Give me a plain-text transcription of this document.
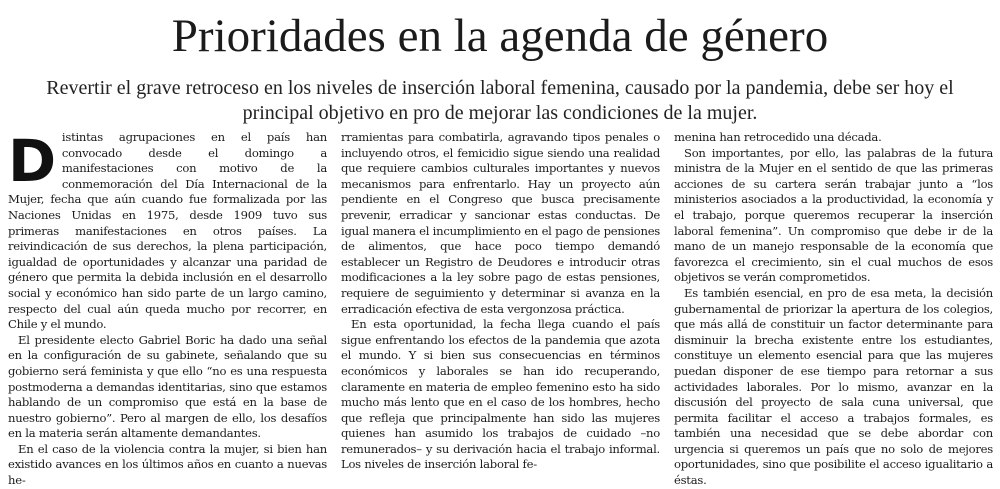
Prioridades en la agenda de género
Revertir el grave retroceso en los niveles de inserción laboral femenina, causado por la pandemia, debe ser hoy el principal objetivo en pro de mejorar las condiciones de la mujer.
D istintas agrupaciones en el país han convocado desde el domingo a manifestaciones con motivo de la conmemoración del Día Internacional de la Mujer, fecha que aún cuando fue formalizada por las Naciones Unidas en 1975, desde 1909 tuvo sus primeras manifestaciones en otros países. La reivindicación de sus derechos, la plena participación, igualdad de oportunidades y alcanzar una paridad de género que permita la debida inclusión en el desarrollo social y económico han sido parte de un largo camino, respecto del cual aún queda mucho por recorrer, en Chile y el mundo.

El presidente electo Gabriel Boric ha dado una señal en la configuración de su gabinete, señalando que su gobierno será feminista y que ello “no es una respuesta postmoderna a demandas identitarias, sino que estamos hablando de un compromiso que está en la base de nuestro gobierno”. Pero al margen de ello, los desafíos en la materia serán altamente demandantes.

En el caso de la violencia contra la mujer, si bien han existido avances en los últimos años en cuanto a nuevas he-

rramientas para combatirla, agravando tipos penales o incluyendo otros, el femicidio sigue siendo una realidad que requiere cambios culturales importantes y nuevos mecanismos para enfrentarlo. Hay un proyecto aún pendiente en el Congreso que busca precisamente prevenir, erradicar y sancionar estas conductas. De igual manera el incumplimiento en el pago de pensiones de alimentos, que hace poco tiempo demandó establecer un Registro de Deudores e introducir otras modificaciones a la ley sobre pago de estas pensiones, requiere de seguimiento y determinar si avanza en la erradicación efectiva de esta vergonzosa práctica.

En esta oportunidad, la fecha llega cuando el país sigue enfrentando los efectos de la pandemia que azota el mundo. Y si bien sus consecuencias en términos económicos y laborales se han ido recuperando, claramente en materia de empleo femenino esto ha sido mucho más lento que en el caso de los hombres, hecho que refleja que principalmente han sido las mujeres quienes han asumido los trabajos de cuidado –no remunerados– y su derivación hacia el trabajo informal. Los niveles de inserción laboral fe-

menina han retrocedido una década.

Son importantes, por ello, las palabras de la futura ministra de la Mujer en el sentido de que las primeras acciones de su cartera serán trabajar junto a “los ministerios asociados a la productividad, la economía y el trabajo, porque queremos recuperar la inserción laboral femenina”. Un compromiso que debe ir de la mano de un manejo responsable de la economía que favorezca el crecimiento, sin el cual muchos de esos objetivos se verán comprometidos.

Es también esencial, en pro de esa meta, la decisión gubernamental de priorizar la apertura de los colegios, que más allá de constituir un factor determinante para disminuir la brecha existente entre los estudiantes, constituye un elemento esencial para que las mujeres puedan disponer de ese tiempo para retornar a sus actividades laborales. Por lo mismo, avanzar en la discusión del proyecto de sala cuna universal, que permita facilitar el acceso a trabajos formales, es también una necesidad que se debe abordar con urgencia si queremos un país que no solo de mejores oportunidades, sino que posibilite el acceso igualitario a éstas.
